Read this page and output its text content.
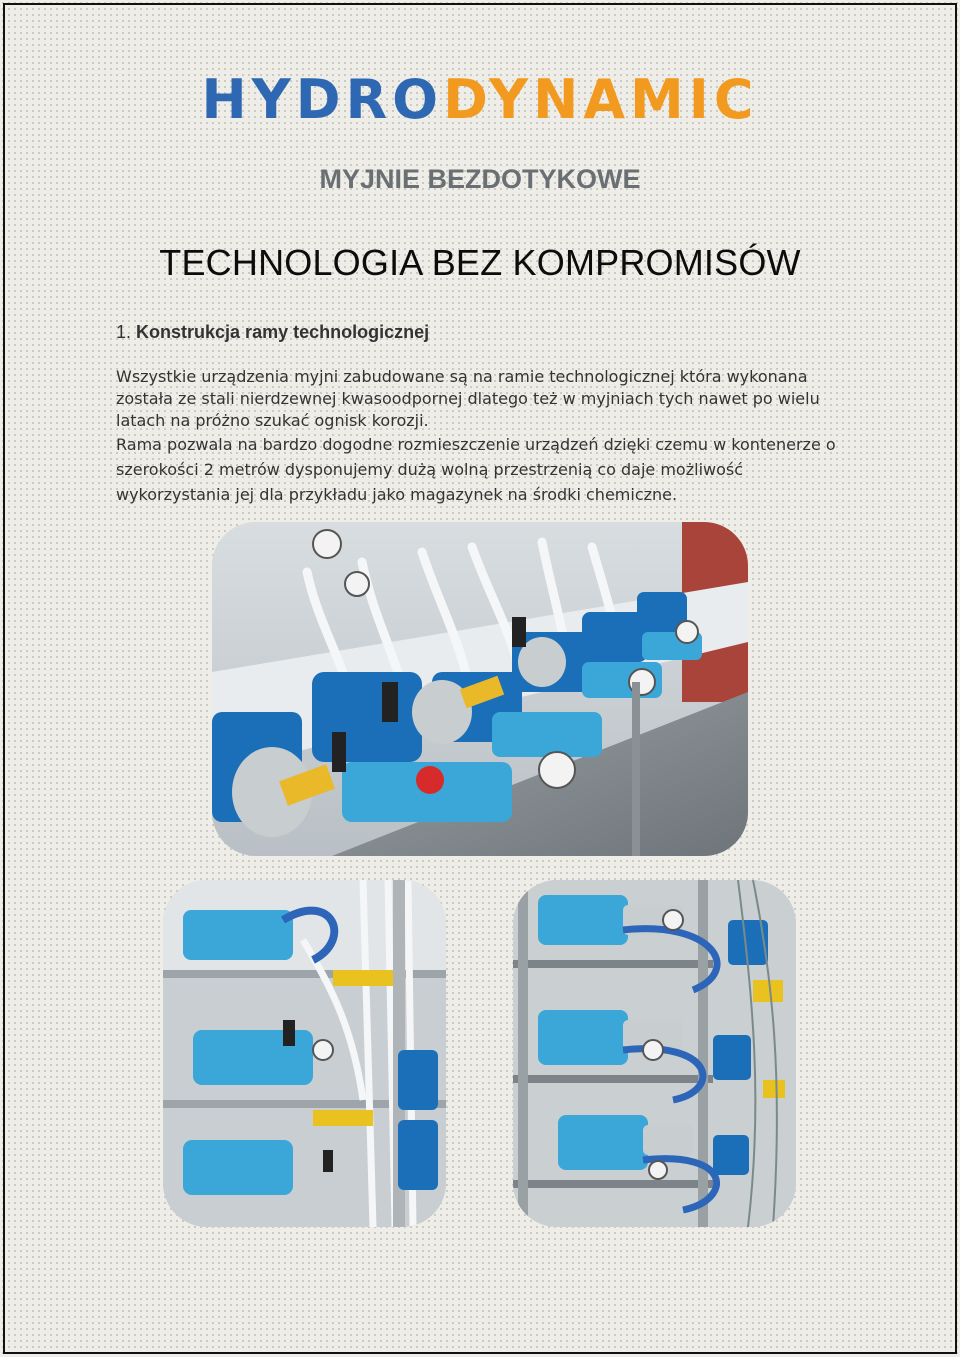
HYDRODYNAMIC
MYJNIE BEZDOTYKOWE
TECHNOLOGIA BEZ KOMPROMISÓW
1. Konstrukcja ramy technologicznej

Wszystkie urządzenia myjni zabudowane są na ramie technologicznej która wykonana została ze stali nierdzewnej kwasoodpornej dlatego też w myjniach tych nawet po wielu latach na próżno szukać ognisk korozji.

Rama pozwala na bardzo dogodne rozmieszczenie urządzeń dzięki czemu w kontenerze o szerokości 2 metrów dysponujemy dużą wolną przestrzenią co daje możliwość wykorzystania jej dla przykładu jako magazynek na środki chemiczne.
